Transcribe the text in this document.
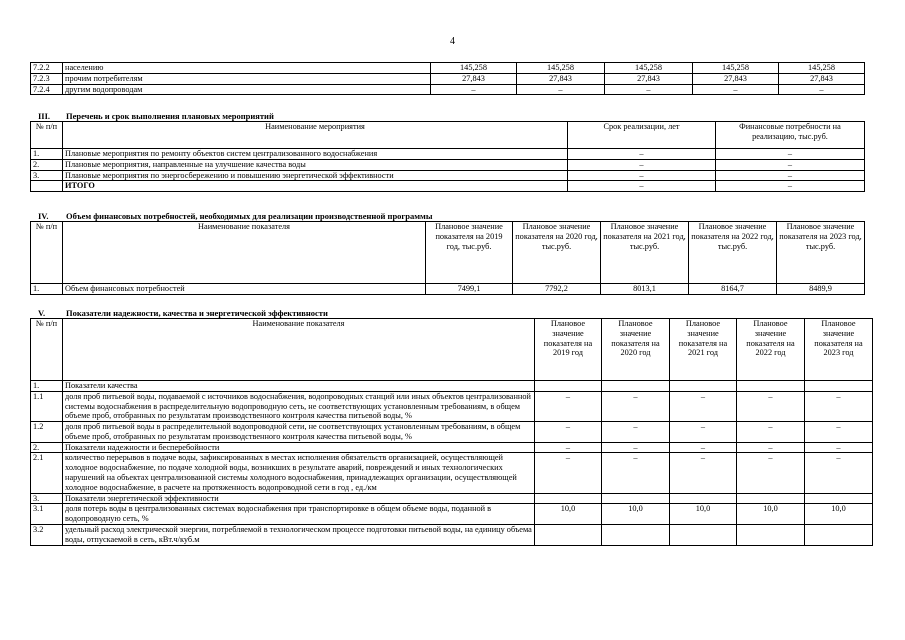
4
7.2.2	населению	145,258	145,258	145,258	145,258	145,258
7.2.3	прочим потребителям	27,843	27,843	27,843	27,843	27,843
7.2.4	другим водопроводам	–	–	–	–	–
III. Перечень и срок выполнения плановых мероприятий
№ п/п	Наименование мероприятия	Срок реализации, лет	Финансовые потребности на реализацию, тыс.руб.
1.	Плановые мероприятия по ремонту объектов систем централизованного водоснабжения	–	–
2.	Плановые мероприятия, направленные на улучшение качества воды	–	–
3.	Плановые мероприятия по энергосбережению и повышению энергетической эффективности	–	–
	ИТОГО	–	–
IV. Объем финансовых потребностей, необходимых для реализации производственной программы
№ п/п	Наименование показателя	Плановое значение показателя на 2019 год, тыс.руб.	Плановое значение показателя на 2020 год, тыс.руб.	Плановое значение показателя на 2021 год, тыс.руб.	Плановое значение показателя на 2022 год, тыс.руб.	Плановое значение показателя на 2023 год, тыс.руб.
1.	Объем финансовых потребностей	7499,1	7792,2	8013,1	8164,7	8489,9
V. Показатели надежности, качества и энергетической эффективности
№ п/п	Наименование показателя	Плановое значение показателя на 2019 год	Плановое значение показателя на 2020 год	Плановое значение показателя на 2021 год	Плановое значение показателя на 2022 год	Плановое значение показателя на 2023 год
1.	Показатели качества					
1.1	доля проб питьевой воды, подаваемой с источников водоснабжения, водопроводных станций или иных объектов централизованной системы водоснабжения в распределительную водопроводную сеть, не соответствующих установленным требованиям, в общем объеме проб, отобранных по результатам производственного контроля качества питьевой воды, %	–	–	–	–	–
1.2	доля проб питьевой воды в распределительной водопроводной сети, не соответствующих установленным требованиям, в общем объеме проб, отобранных по результатам производственного контроля качества питьевой воды, %	–	–	–	–	–
2.	Показатели надежности и бесперебойности	–	–	–	–	–
2.1	количество перерывов в подаче воды, зафиксированных в местах исполнения обязательств организацией, осуществляющей холодное водоснабжение, по подаче холодной воды, возникших в результате аварий, повреждений и иных технологических нарушений на объектах централизованной системы холодного водоснабжения, принадлежащих организации, осуществляющей холодное водоснабжение, в расчете на протяженность водопроводной сети в год , ед./км	–	–	–	–	–
3.	Показатели энергетической эффективности					
3.1	доля потерь воды в централизованных системах водоснабжения при транспортировке в общем объеме воды, поданной в водопроводную сеть, %	10,0	10,0	10,0	10,0	10,0
3.2	удельный расход электрической энергии, потребляемой в технологическом процессе подготовки питьевой воды, на единицу объема воды, отпускаемой в сеть, кВт.ч/куб.м					
